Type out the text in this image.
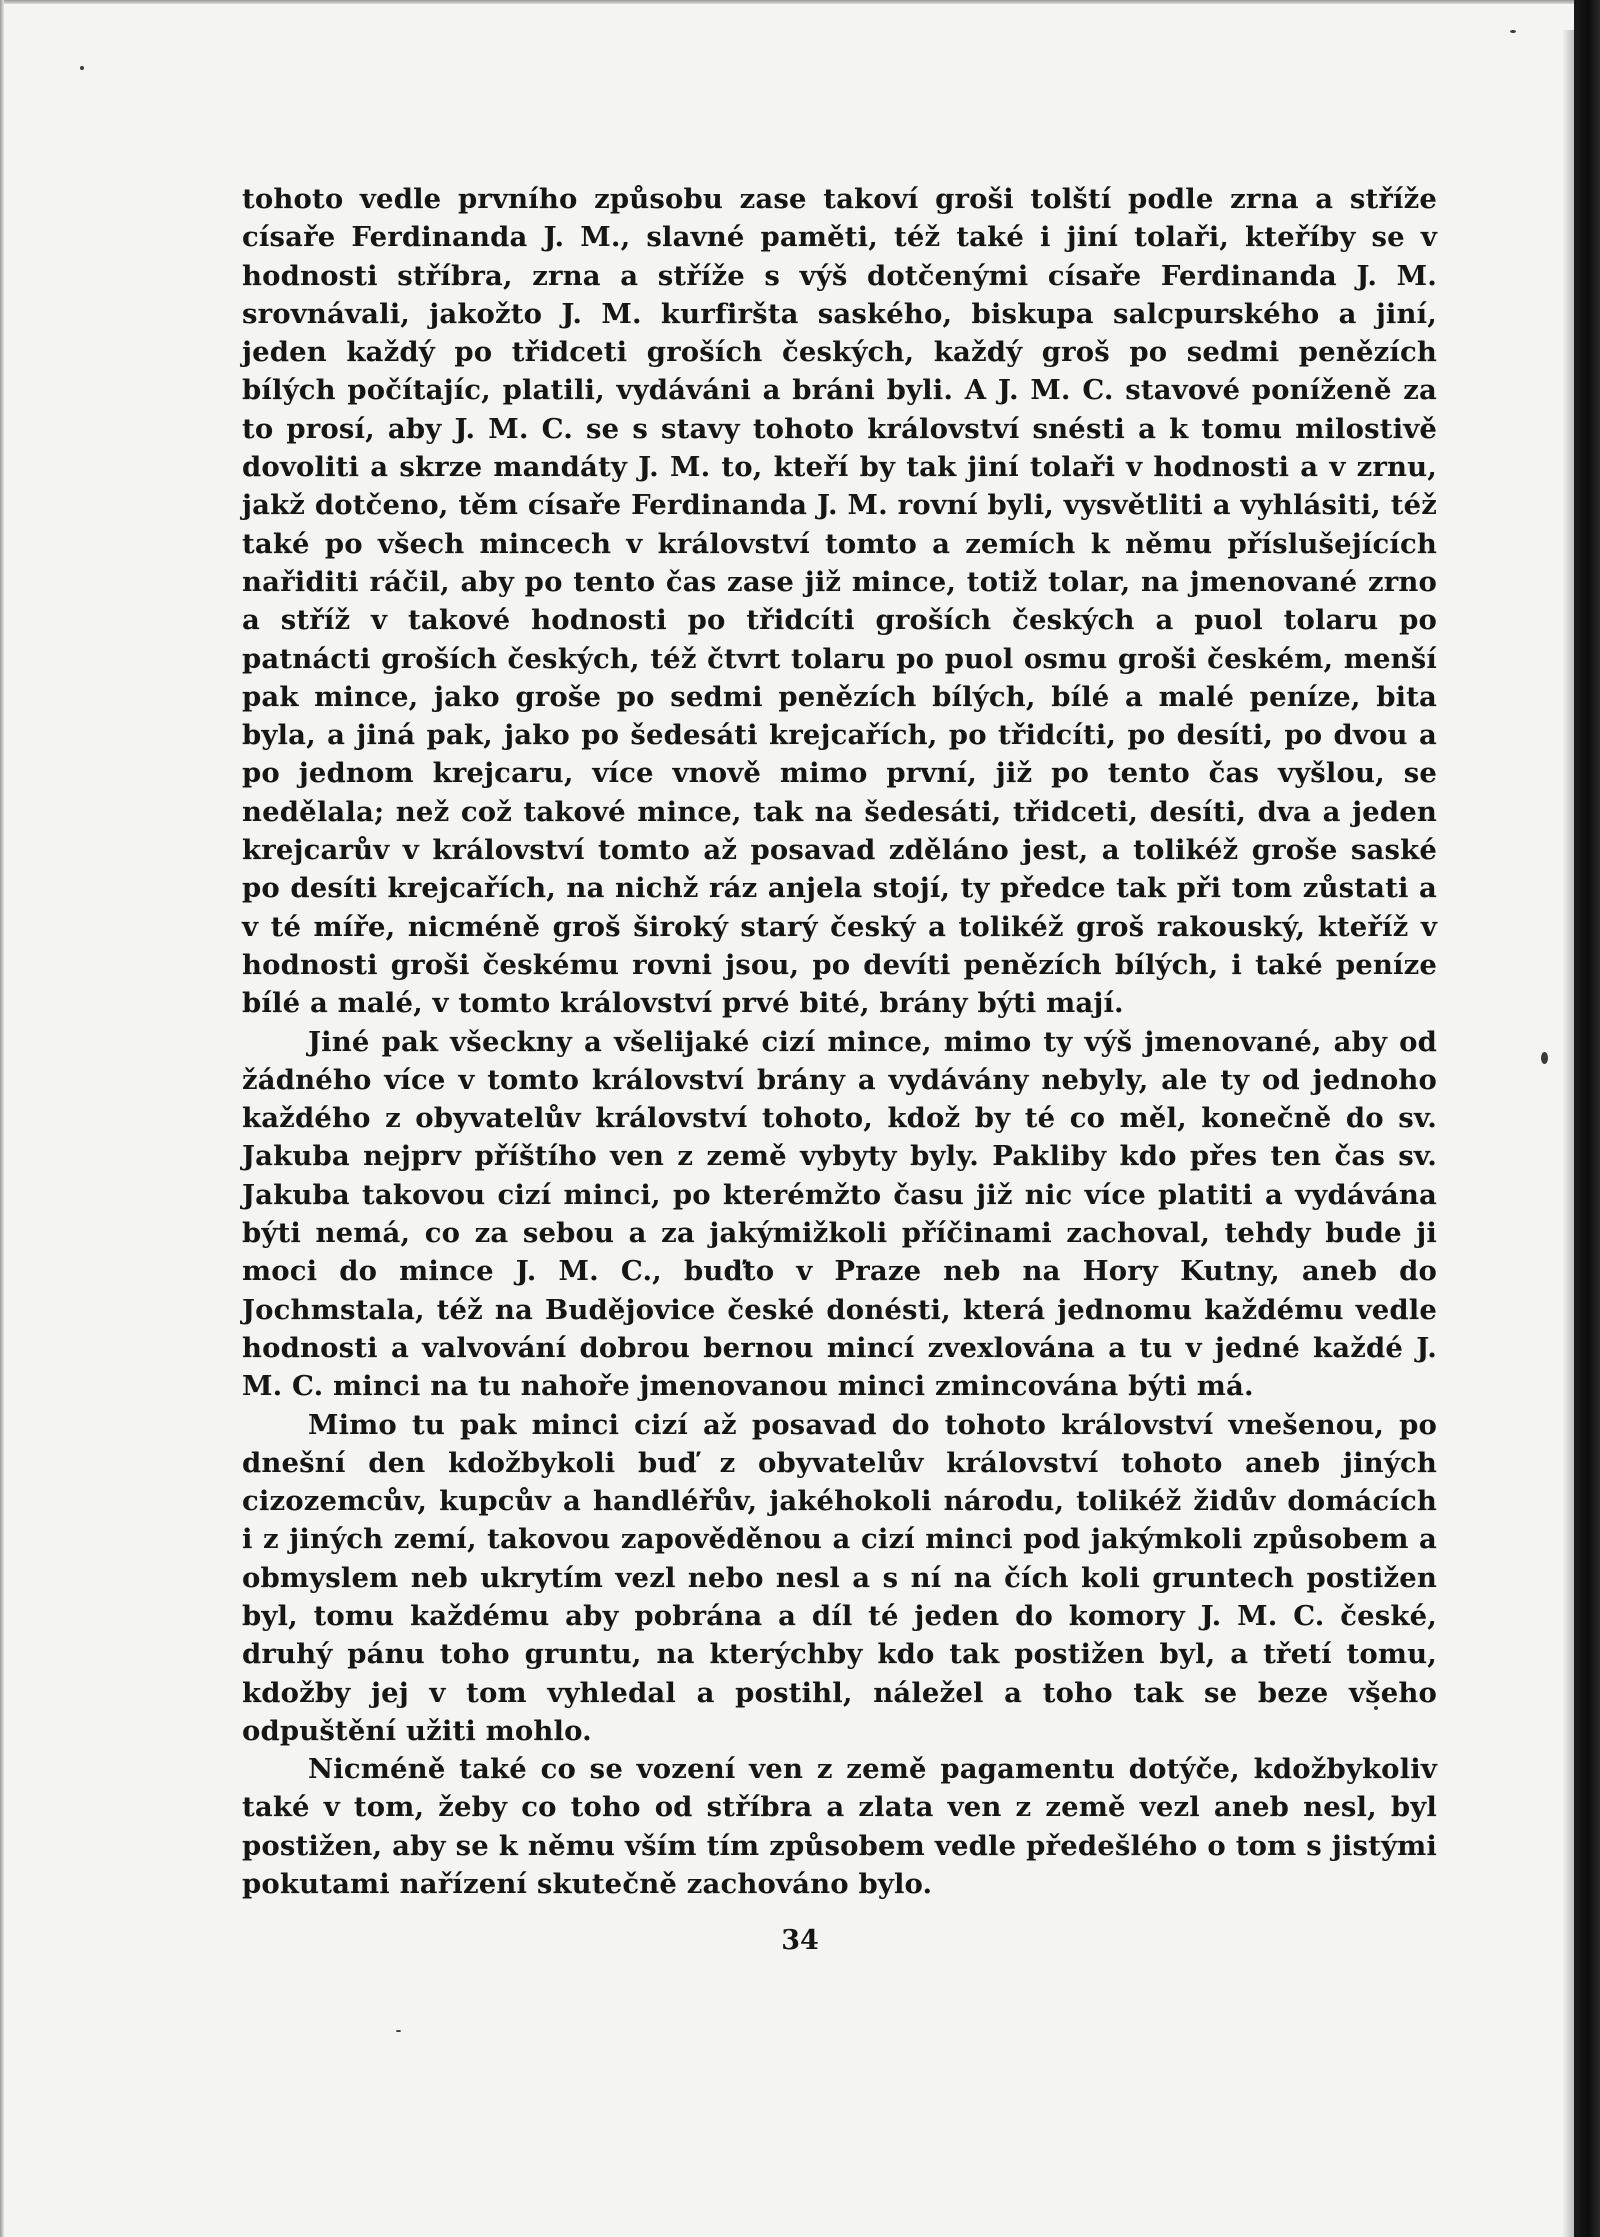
tohoto vedle prvního způsobu zase takoví groši tolští podle zrna a stříže císaře Ferdinanda J. M., slavné paměti, též také i jiní tolaři, kteříby se v hodnosti stříbra, zrna a stříže s výš dotčenými císaře Ferdinanda J. M. srovnávali, jakožto J. M. kurfiršta saského, biskupa salcpurského a jiní, jeden každý po třidceti groších českých, každý groš po sedmi penězích bílých počítajíc, platili, vydáváni a bráni byli. A J. M. C. stavové poníženě za to prosí, aby J. M. C. se s stavy tohoto království snésti a k tomu milostivě dovoliti a skrze mandáty J. M. to, kteří by tak jiní tolaři v hodnosti a v zrnu, jakž dotčeno, těm císaře Ferdinanda J. M. rovní byli, vysvětliti a vyhlásiti, též také po všech mincech v království tomto a zemích k němu příslušejících nařiditi ráčil, aby po tento čas zase již mince, totiž tolar, na jmenované zrno a stříž v takové hodnosti po třidcíti groších českých a puol tolaru po patnácti groších českých, též čtvrt tolaru po puol osmu groši českém, menší pak mince, jako groše po sedmi penězích bílých, bílé a malé peníze, bita byla, a jiná pak, jako po šedesáti krejcařích, po třidcíti, po desíti, po dvou a po jednom krejcaru, více vnově mimo první, již po tento čas vyšlou, se nedělala; než což takové mince, tak na šedesáti, třidceti, desíti, dva a jeden krejcarův v království tomto až posavad zděláno jest, a tolikéž groše saské po desíti krejcařích, na nichž ráz anjela stojí, ty předce tak při tom zůstati a v té míře, nicméně groš široký starý český a tolikéž groš rakouský, kteříž v hodnosti groši českému rovni jsou, po devíti penězích bílých, i také peníze bílé a malé, v tomto království prvé bité, brány býti mají.

Jiné pak všeckny a všelijaké cizí mince, mimo ty výš jmenované, aby od žádného více v tomto království brány a vydávány nebyly, ale ty od jednoho každého z obyvatelův království tohoto, kdož by té co měl, konečně do sv. Jakuba nejprv příštího ven z země vybyty byly. Pakliby kdo přes ten čas sv. Jakuba takovou cizí minci, po kterémžto času již nic více platiti a vydávána býti nemá, co za sebou a za jakýmižkoli příčinami zachoval, tehdy bude ji moci do mince J. M. C., buďto v Praze neb na Hory Kutny, aneb do Jochmstala, též na Budějovice české donésti, která jednomu každému vedle hodnosti a valvování dobrou bernou mincí zvexlována a tu v jedné každé J. M. C. minci na tu nahoře jmenovanou minci zmincována býti má.

Mimo tu pak minci cizí až posavad do tohoto království vnešenou, po dnešní den kdožbykoli buď z obyvatelův království tohoto aneb jiných cizozemcův, kupcův a handléřův, jakéhokoli národu, tolikéž židův domácích i z jiných zemí, takovou zapověděnou a cizí minci pod jakýmkoli způsobem a obmyslem neb ukrytím vezl nebo nesl a s ní na čích koli gruntech postižen byl, tomu každému aby pobrána a díl té jeden do komory J. M. C. české, druhý pánu toho gruntu, na kterýchby kdo tak postižen byl, a třetí tomu, kdožby jej v tom vyhledal a postihl, náležel a toho tak se beze všeho odpuštění užiti mohlo.

Nicméně také co se vození ven z země pagamentu dotýče, kdožbykoliv také v tom, žeby co toho od stříbra a zlata ven z země vezl aneb nesl, byl postižen, aby se k němu vším tím způsobem vedle předešlého o tom s jistými pokutami nařízení skutečně zachováno bylo.

34
